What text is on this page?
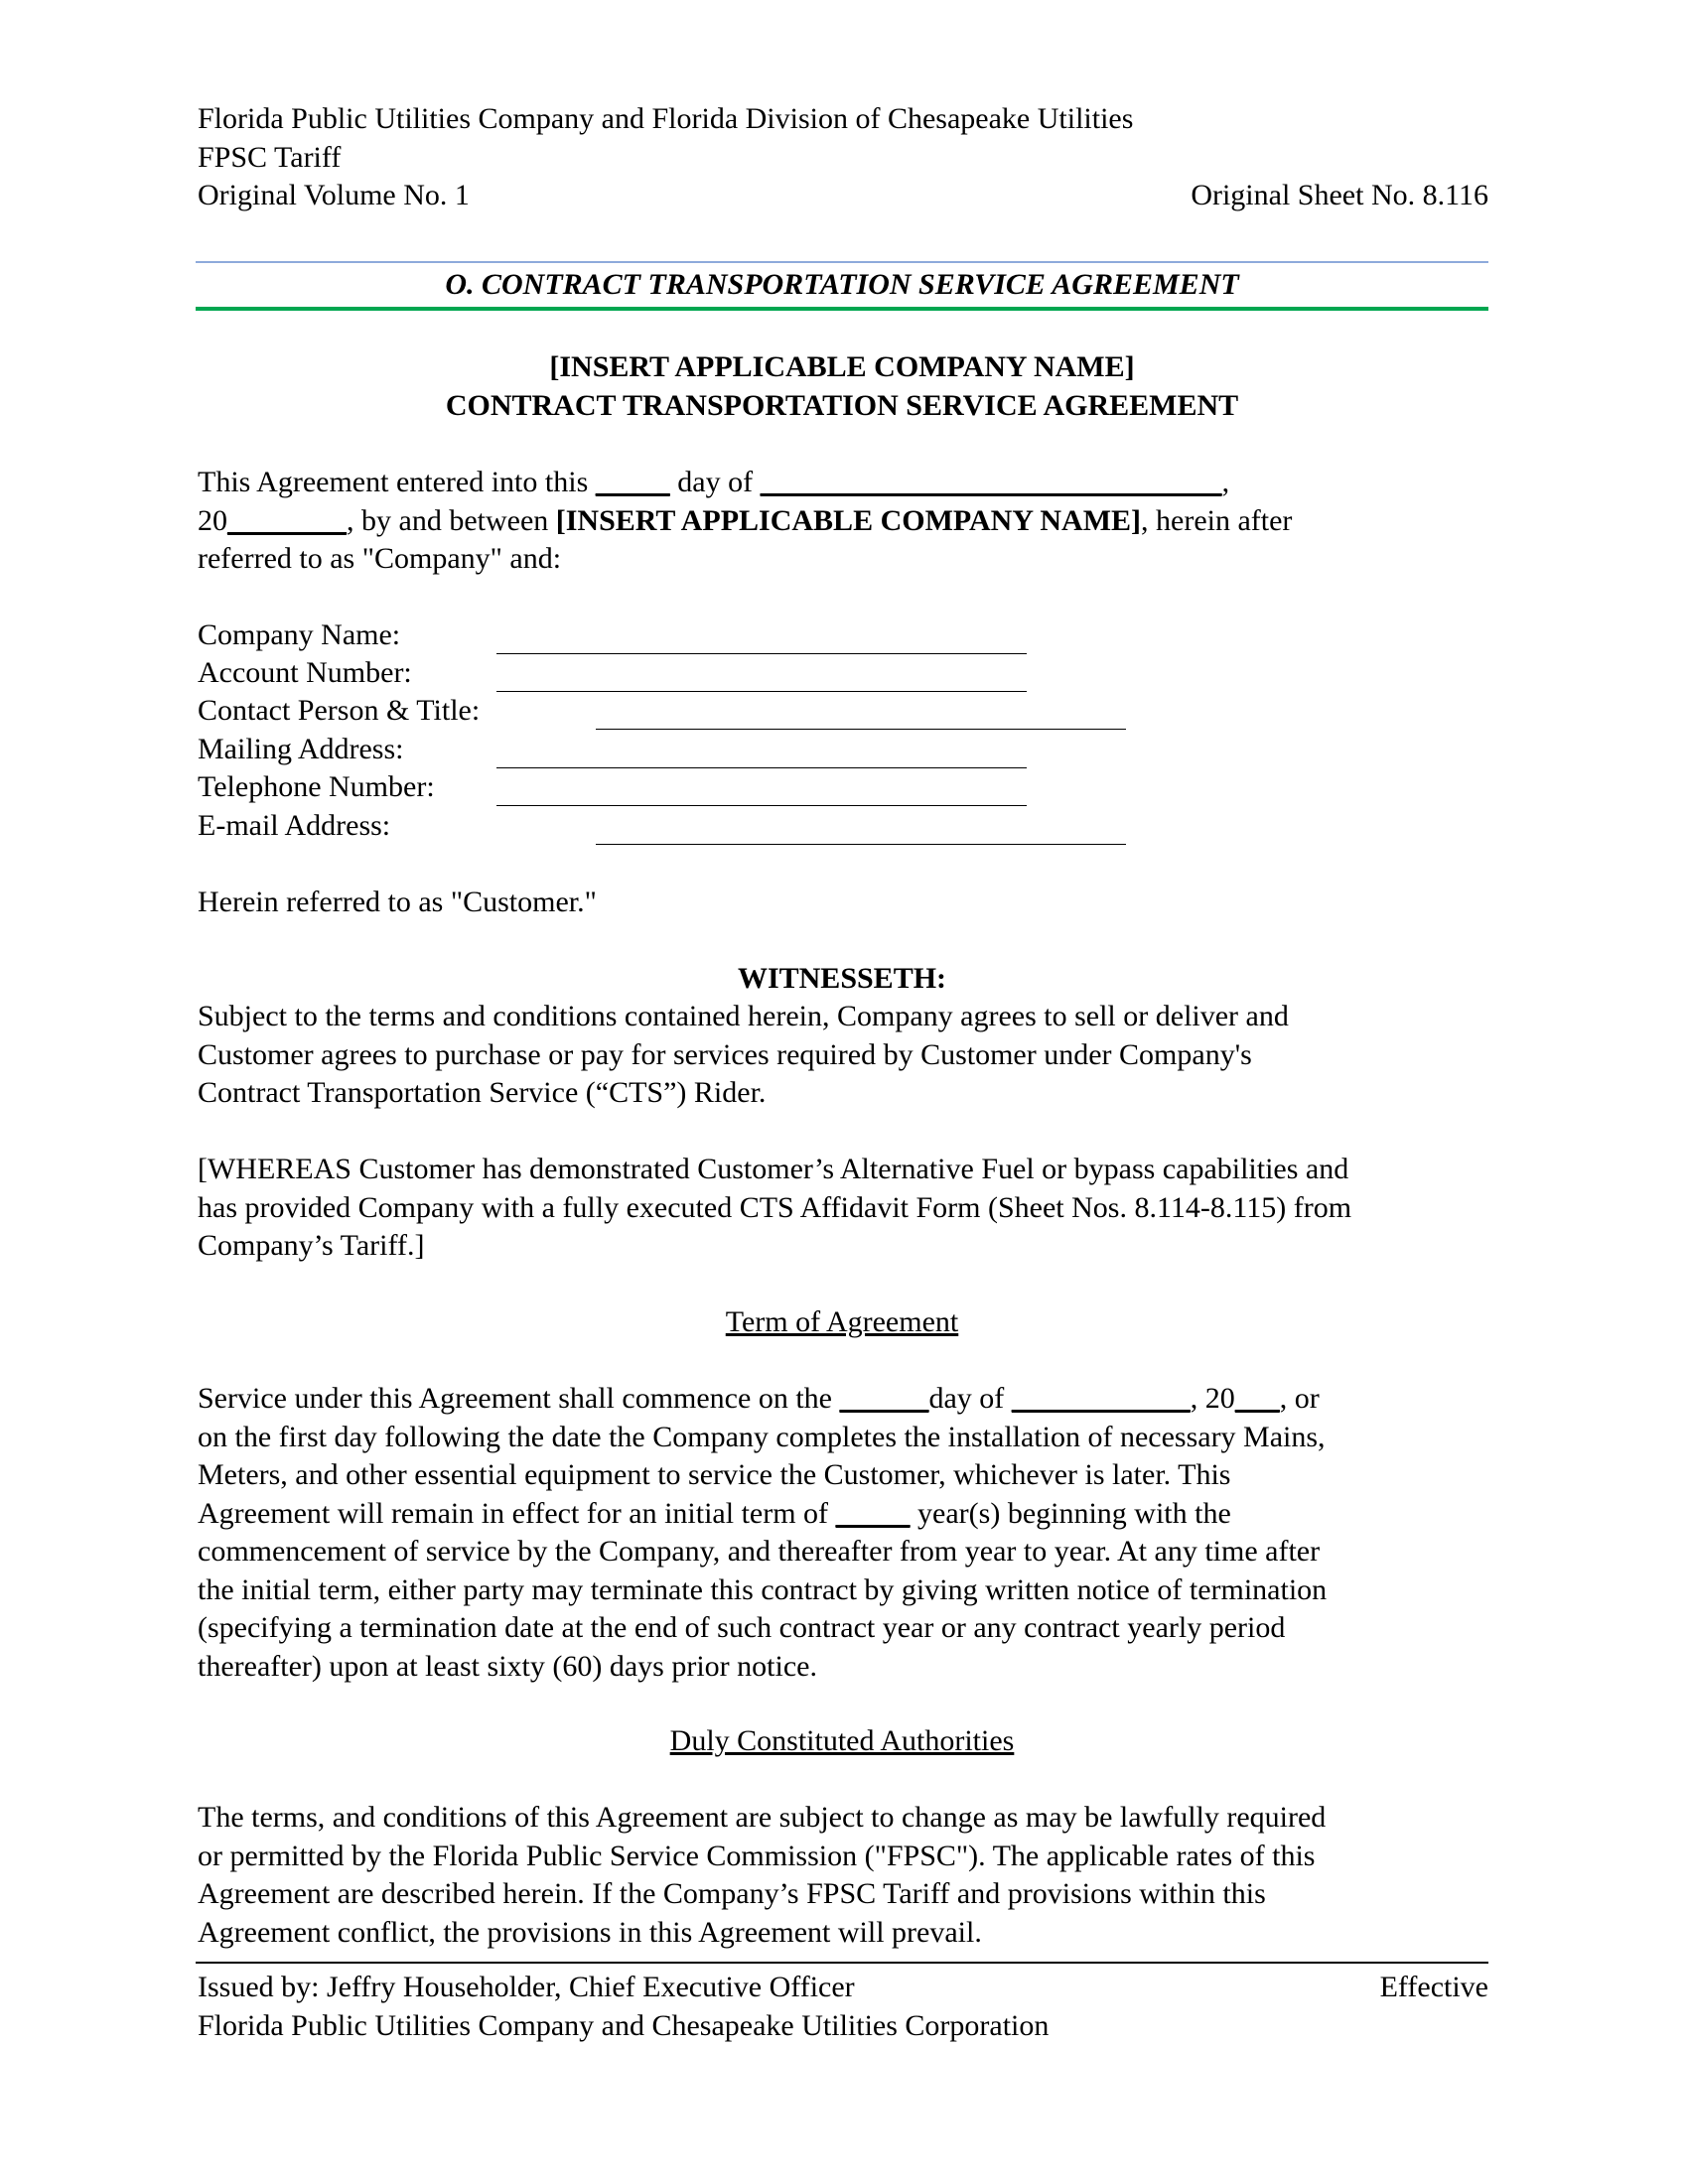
Florida Public Utilities Company and Florida Division of Chesapeake Utilities
FPSC Tariff
Original Volume No. 1	Original Sheet No. 8.116
O. CONTRACT TRANSPORTATION SERVICE AGREEMENT
[INSERT APPLICABLE COMPANY NAME]
CONTRACT TRANSPORTATION SERVICE AGREEMENT
This Agreement entered into this _____ day of _______________________________,
20________, by and between [INSERT APPLICABLE COMPANY NAME], herein after
referred to as "Company" and:
Company Name:
Account Number:
Contact Person & Title:
Mailing Address:
Telephone Number:
E-mail Address:
Herein referred to as "Customer."
WITNESSETH:
Subject to the terms and conditions contained herein, Company agrees to sell or deliver and
Customer agrees to purchase or pay for services required by Customer under Company's
Contract Transportation Service (“CTS”) Rider.
[WHEREAS Customer has demonstrated Customer’s Alternative Fuel or bypass capabilities and
has provided Company with a fully executed CTS Affidavit Form (Sheet Nos. 8.114-8.115) from
Company’s Tariff.]
Term of Agreement
Service under this Agreement shall commence on the ______day of ____________, 20___, or
on the first day following the date the Company completes the installation of necessary Mains,
Meters, and other essential equipment to service the Customer, whichever is later. This
Agreement will remain in effect for an initial term of _____ year(s) beginning with the
commencement of service by the Company, and thereafter from year to year. At any time after
the initial term, either party may terminate this contract by giving written notice of termination
(specifying a termination date at the end of such contract year or any contract yearly period
thereafter) upon at least sixty (60) days prior notice.
Duly Constituted Authorities
The terms, and conditions of this Agreement are subject to change as may be lawfully required
or permitted by the Florida Public Service Commission ("FPSC"). The applicable rates of this
Agreement are described herein. If the Company’s FPSC Tariff and provisions within this
Agreement conflict, the provisions in this Agreement will prevail.
Issued by: Jeffry Householder, Chief Executive Officer	Effective
Florida Public Utilities Company and Chesapeake Utilities Corporation
